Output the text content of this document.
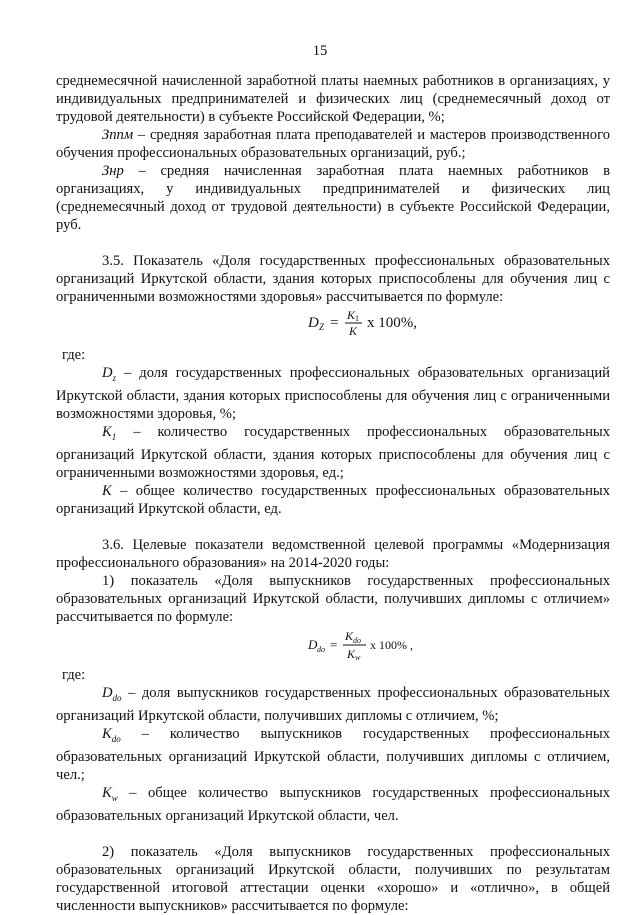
15

среднемесячной начисленной заработной платы наемных работников в организациях, у индивидуальных предпринимателей и физических лиц (среднемесячный доход от трудовой деятельности) в субъекте Российской Федерации, %;

Зппм – средняя заработная плата преподавателей и мастеров производственного обучения профессиональных образовательных организаций, руб.;

Знр – средняя начисленная заработная плата наемных работников в организациях, у индивидуальных предпринимателей и физических лиц (среднемесячный доход от трудовой деятельности) в субъекте Российской Федерации, руб.

3.5. Показатель «Доля государственных профессиональных образовательных организаций Иркутской области, здания которых приспособлены для обучения лиц с ограниченными возможностями здоровья» рассчитывается по формуле:

D Z = K 1
K x 100%,

где:

$D_z$ – доля государственных профессиональных образовательных организаций Иркутской области, здания которых приспособлены для обучения лиц с ограниченными возможностями здоровья, %;

$K_1$ – количество государственных профессиональных образовательных организаций Иркутской области, здания которых приспособлены для обучения лиц с ограниченными возможностями здоровья, ед.;

К – общее количество государственных профессиональных образовательных организаций Иркутской области, ед.

3.6. Целевые показатели ведомственной целевой программы «Модернизация профессионального образования» на 2014-2020 годы:

1) показатель «Доля выпускников государственных профессиональных образовательных организаций Иркутской области, получивших дипломы с отличием» рассчитывается по формуле:

D do =
K do
K w
x 100% ,

где:

$D_{do}$ – доля выпускников государственных профессиональных образовательных организаций Иркутской области, получивших дипломы с отличием, %;

$K_{do}$ – количество выпускников государственных профессиональных образовательных организаций Иркутской области, получивших дипломы с отличием, чел.;

$K_w$ – общее количество выпускников государственных профессиональных образовательных организаций Иркутской области, чел.

2) показатель «Доля выпускников государственных профессиональных образовательных организаций Иркутской области, получивших по результатам государственной итоговой аттестации оценки «хорошо» и «отлично», в общей численности выпускников» рассчитывается по формуле:
